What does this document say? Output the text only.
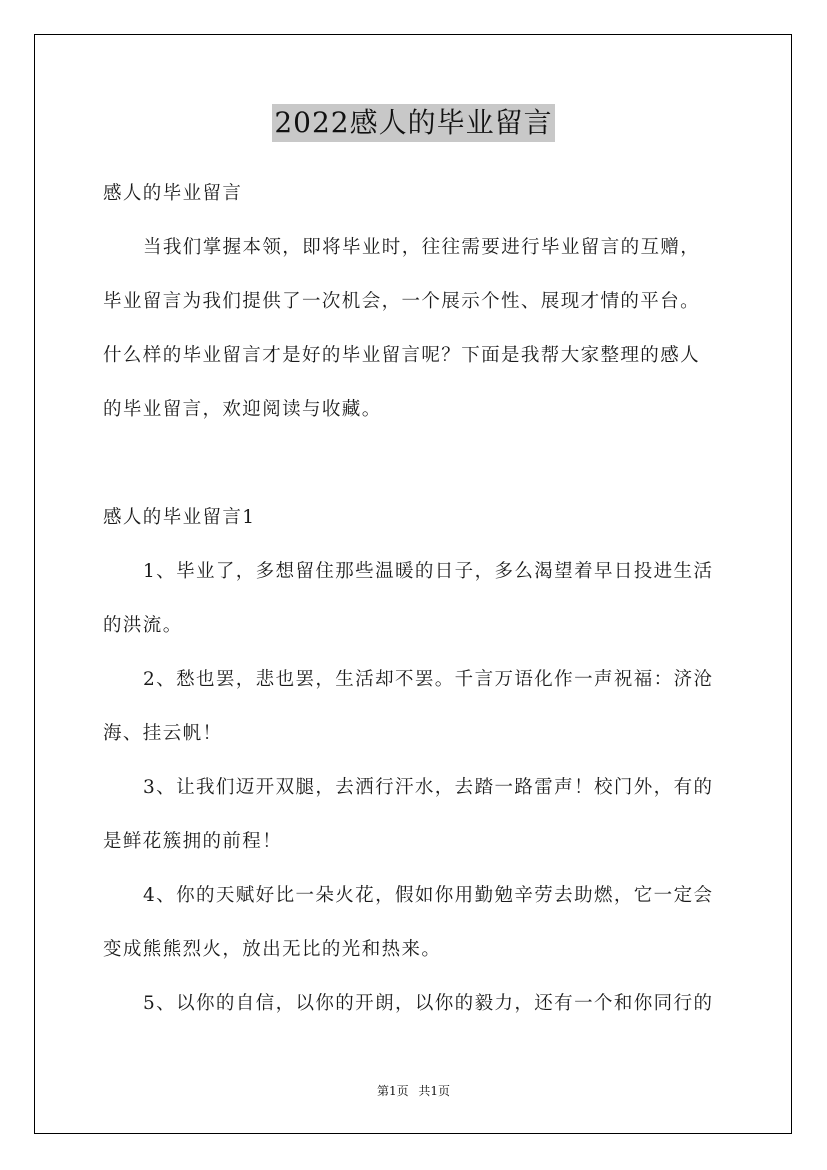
2022感人的毕业留言
感人的毕业留言
当我们掌握本领，即将毕业时，往往需要进行毕业留言的互赠，
毕业留言为我们提供了一次机会，一个展示个性、展现才情的平台。
什么样的毕业留言才是好的毕业留言呢？下面是我帮大家整理的感人
的毕业留言，欢迎阅读与收藏。
感人的毕业留言1
1、毕业了，多想留住那些温暖的日子，多么渴望着早日投进生活
的洪流。
2、愁也罢，悲也罢，生活却不罢。千言万语化作一声祝福：济沧
海、挂云帆！
3、让我们迈开双腿，去洒行汗水，去踏一路雷声！校门外，有的
是鲜花簇拥的前程！
4、你的天赋好比一朵火花，假如你用勤勉辛劳去助燃，它一定会
变成熊熊烈火，放出无比的光和热来。
5、以你的自信，以你的开朗，以你的毅力，还有一个和你同行的
第1页 共1页
